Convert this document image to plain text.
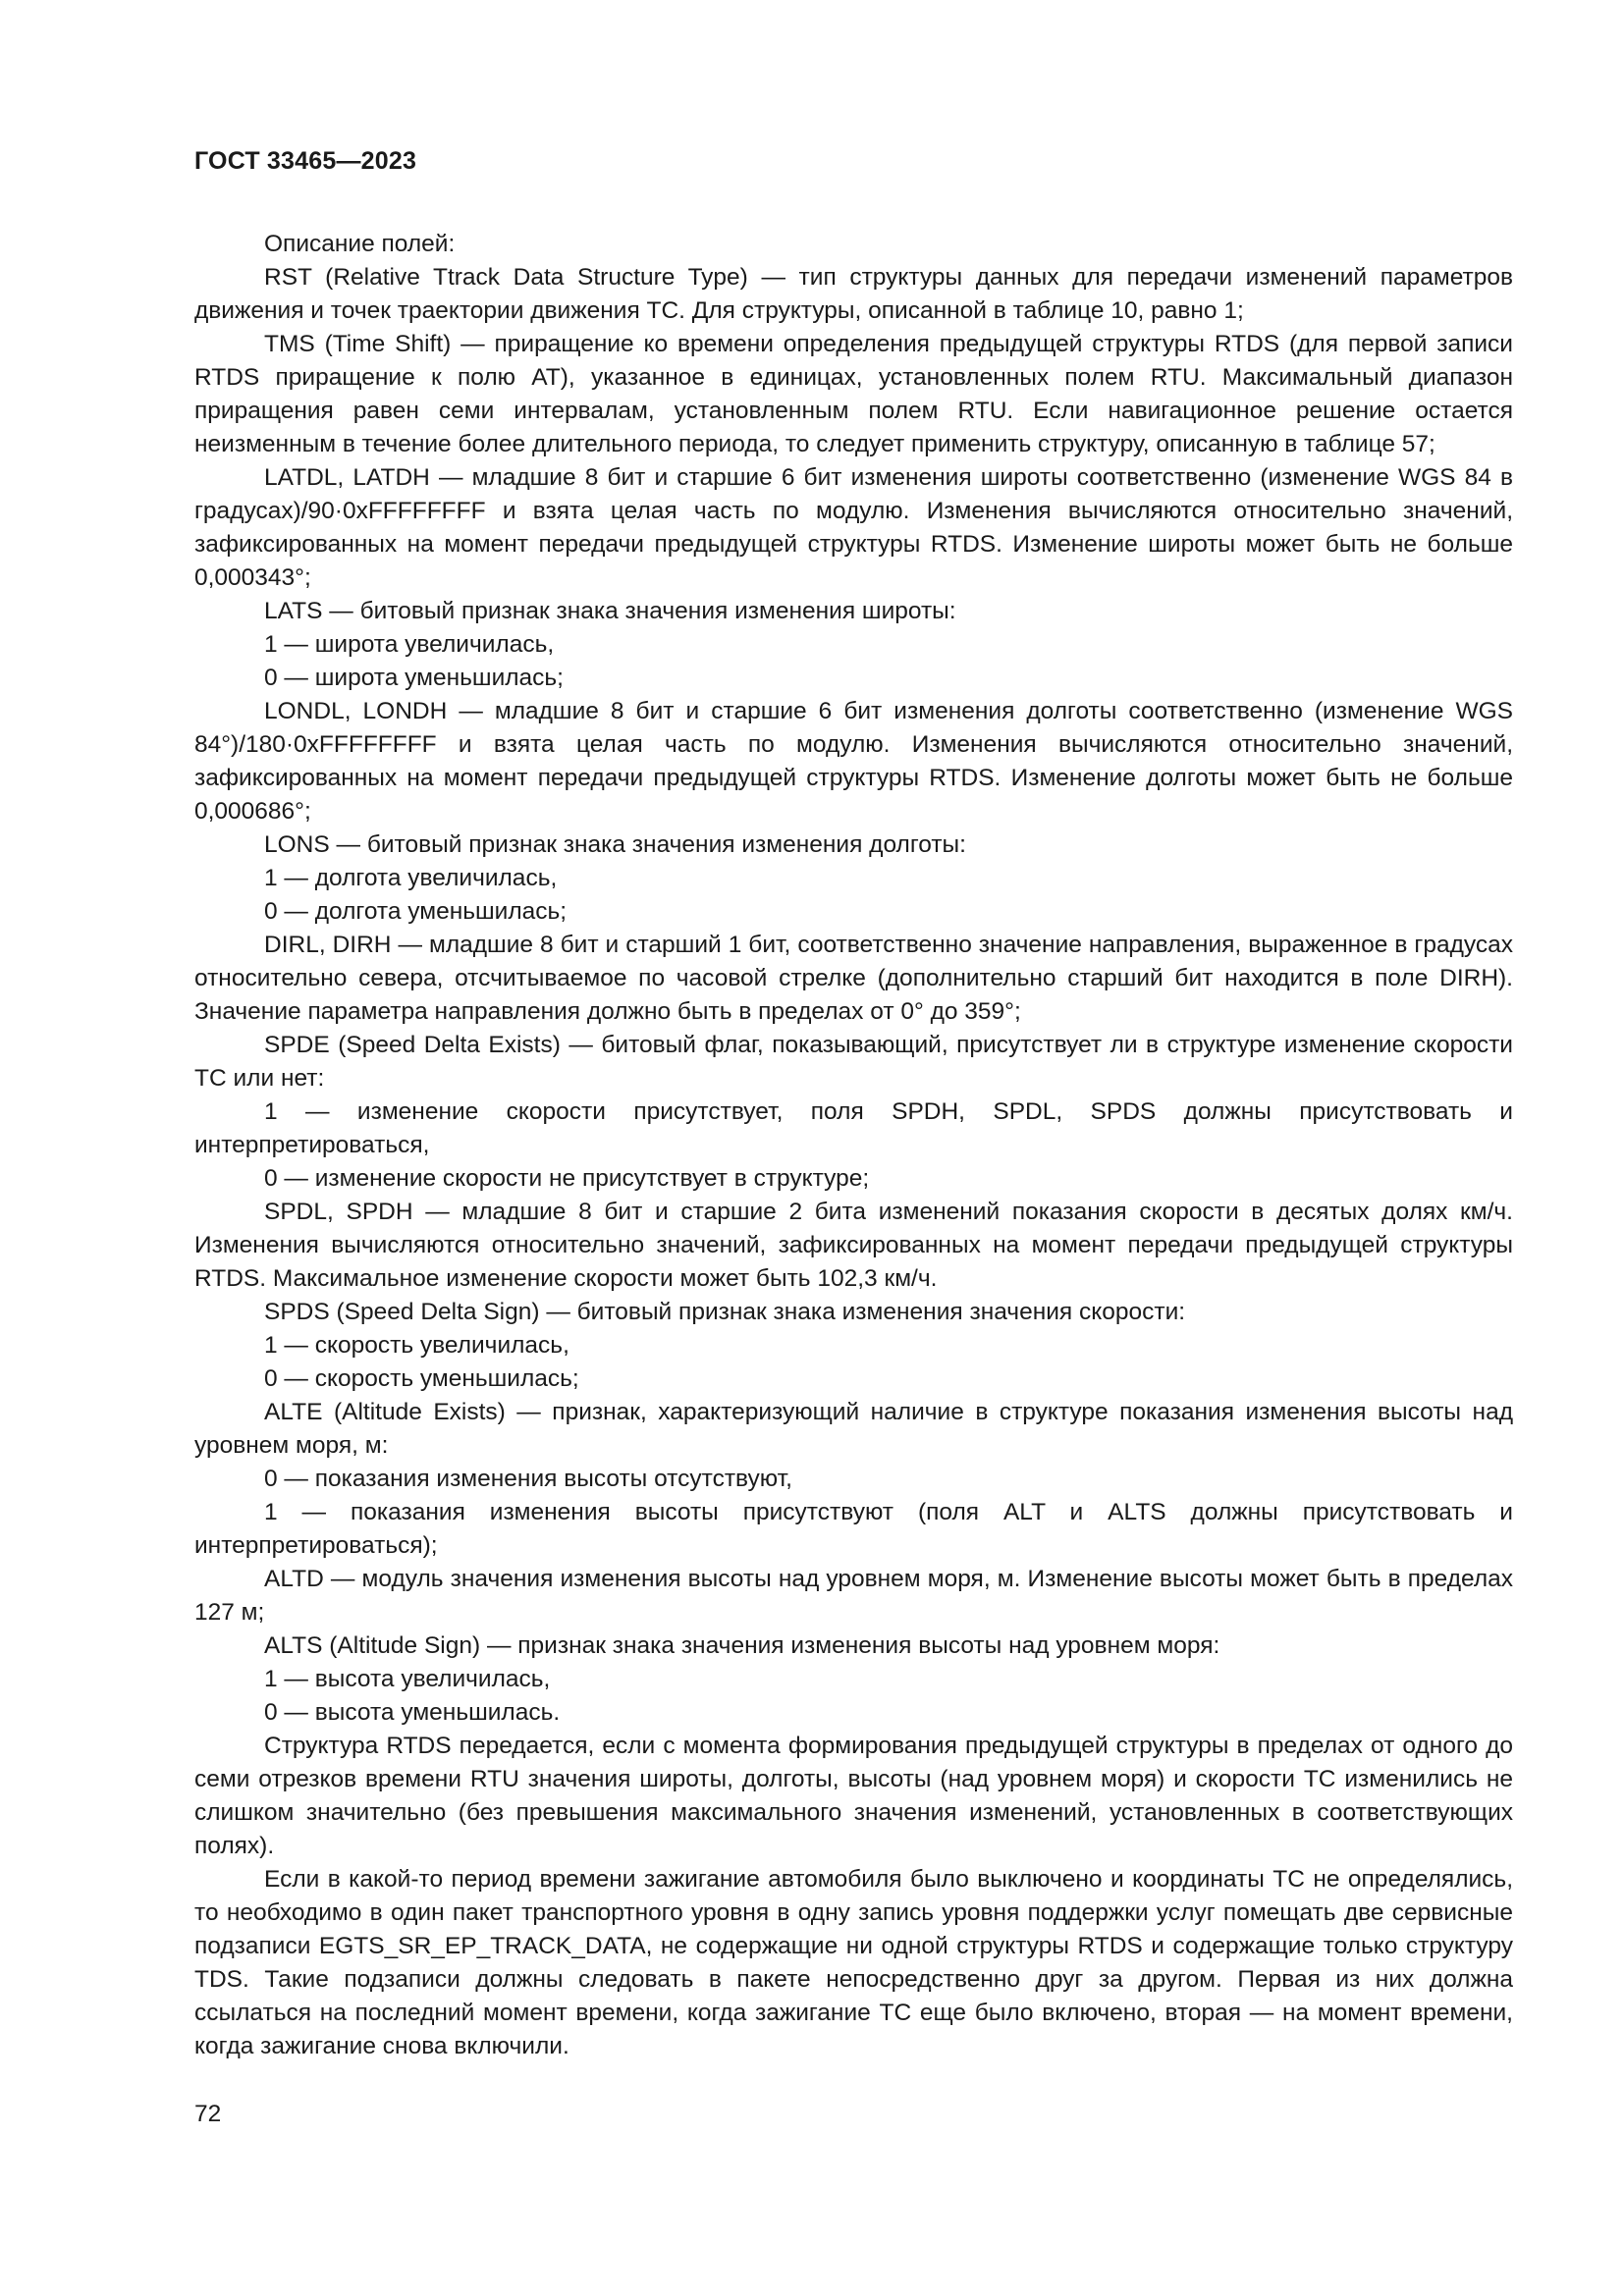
ГОСТ 33465—2023

Описание полей:

RST (Relative Ttrack Data Structure Type) — тип структуры данных для передачи изменений параметров движения и точек траектории движения ТС. Для структуры, описанной в таблице 10, равно 1;

TMS (Time Shift) — приращение ко времени определения предыдущей структуры RTDS (для первой записи RTDS приращение к полю AT), указанное в единицах, установленных полем RTU. Максимальный диапазон приращения равен семи интервалам, установленным полем RTU. Если навигационное решение остается неизменным в течение более длительного периода, то следует применить структуру, описанную в таблице 57;

LATDL, LATDH — младшие 8 бит и старшие 6 бит изменения широты соответственно (изменение WGS 84 в градусах)/90·0xFFFFFFFF и взята целая часть по модулю. Изменения вычисляются относительно значений, зафиксированных на момент передачи предыдущей структуры RTDS. Изменение широты может быть не больше 0,000343°;

LATS — битовый признак знака значения изменения широты:

1 — широта увеличилась,

0 — широта уменьшилась;

LONDL, LONDH — младшие 8 бит и старшие 6 бит изменения долготы соответственно (изменение WGS 84°)/180·0xFFFFFFFF и взята целая часть по модулю. Изменения вычисляются относительно значений, зафиксированных на момент передачи предыдущей структуры RTDS. Изменение долготы может быть не больше 0,000686°;

LONS — битовый признак знака значения изменения долготы:

1 — долгота увеличилась,

0 — долгота уменьшилась;

DIRL, DIRH — младшие 8 бит и старший 1 бит, соответственно значение направления, выраженное в градусах относительно севера, отсчитываемое по часовой стрелке (дополнительно старший бит находится в поле DIRH). Значение параметра направления должно быть в пределах от 0° до 359°;

SPDE (Speed Delta Exists) — битовый флаг, показывающий, присутствует ли в структуре изменение скорости ТС или нет:

1 — изменение скорости присутствует, поля SPDH, SPDL, SPDS должны присутствовать и интерпретироваться,

0 — изменение скорости не присутствует в структуре;

SPDL, SPDH — младшие 8 бит и старшие 2 бита изменений показания скорости в десятых долях км/ч. Изменения вычисляются относительно значений, зафиксированных на момент передачи предыдущей структуры RTDS. Максимальное изменение скорости может быть 102,3 км/ч.

SPDS (Speed Delta Sign) — битовый признак знака изменения значения скорости:

1 — скорость увеличилась,

0 — скорость уменьшилась;

ALTE (Altitude Exists) — признак, характеризующий наличие в структуре показания изменения высоты над уровнем моря, м:

0 — показания изменения высоты отсутствуют,

1 — показания изменения высоты присутствуют (поля ALT и ALTS должны присутствовать и интерпретироваться);

ALTD — модуль значения изменения высоты над уровнем моря, м. Изменение высоты может быть в пределах 127 м;

ALTS (Altitude Sign) — признак знака значения изменения высоты над уровнем моря:

1 — высота увеличилась,

0 — высота уменьшилась.

Структура RTDS передается, если с момента формирования предыдущей структуры в пределах от одного до семи отрезков времени RTU значения широты, долготы, высоты (над уровнем моря) и скорости ТС изменились не слишком значительно (без превышения максимального значения изменений, установленных в соответствующих полях).

Если в какой-то период времени зажигание автомобиля было выключено и координаты ТС не определялись, то необходимо в один пакет транспортного уровня в одну запись уровня поддержки услуг помещать две сервисные подзаписи EGTS_SR_EP_TRACK_DATA, не содержащие ни одной структуры RTDS и содержащие только структуру TDS. Такие подзаписи должны следовать в пакете непосредственно друг за другом. Первая из них должна ссылаться на последний момент времени, когда зажигание ТС еще было включено, вторая — на момент времени, когда зажигание снова включили.

72
